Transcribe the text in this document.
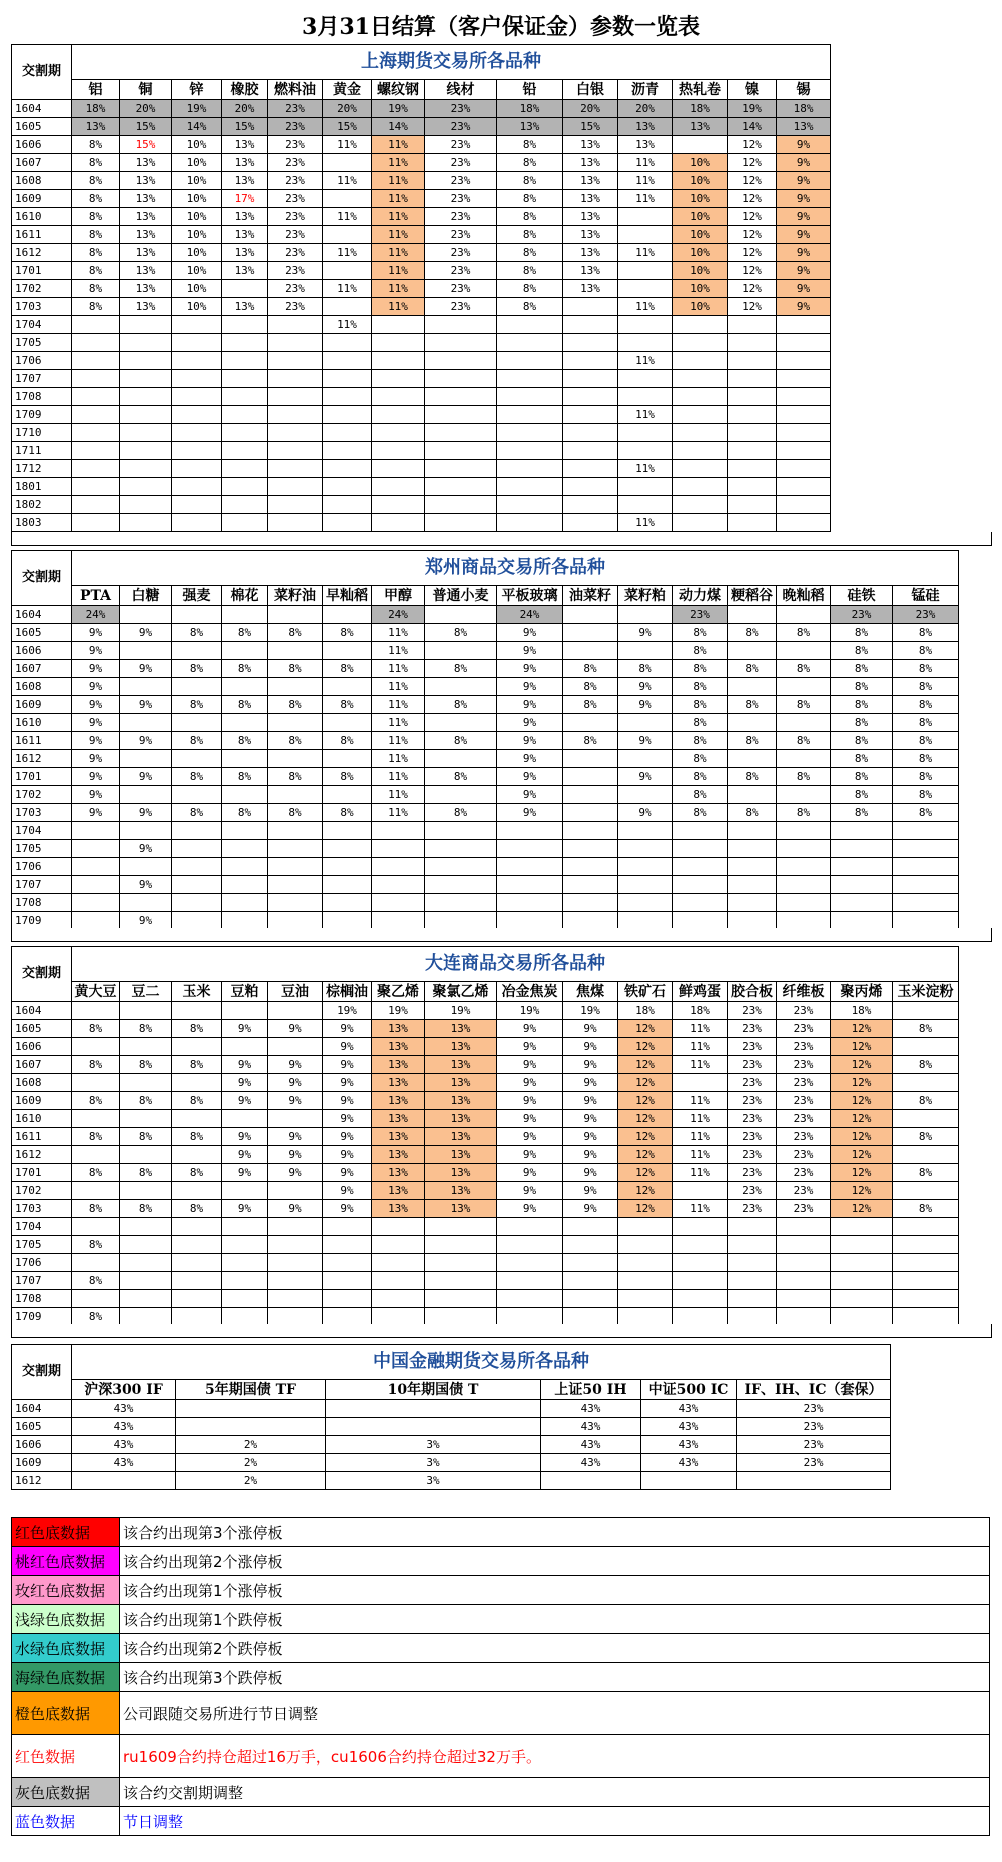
3月31日结算（客户保证金）参数一览表
交割期	上海期货交易所各品种													
	铝	铜	锌	橡胶	燃料油	黄金	螺纹钢	线材	铅	白银	沥青	热轧卷	镍	锡
1604	18%	20%	19%	20%	23%	20%	19%	23%	18%	20%	20%	18%	19%	18%
1605	13%	15%	14%	15%	23%	15%	14%	23%	13%	15%	13%	13%	14%	13%
1606	8%	15%	10%	13%	23%	11%	11%	23%	8%	13%	13%		12%	9%
1607	8%	13%	10%	13%	23%		11%	23%	8%	13%	11%	10%	12%	9%
1608	8%	13%	10%	13%	23%	11%	11%	23%	8%	13%	11%	10%	12%	9%
1609	8%	13%	10%	17%	23%		11%	23%	8%	13%	11%	10%	12%	9%
1610	8%	13%	10%	13%	23%	11%	11%	23%	8%	13%		10%	12%	9%
1611	8%	13%	10%	13%	23%		11%	23%	8%	13%		10%	12%	9%
1612	8%	13%	10%	13%	23%	11%	11%	23%	8%	13%	11%	10%	12%	9%
1701	8%	13%	10%	13%	23%		11%	23%	8%	13%		10%	12%	9%
1702	8%	13%	10%		23%	11%	11%	23%	8%	13%		10%	12%	9%
1703	8%	13%	10%	13%	23%		11%	23%	8%		11%	10%	12%	9%
1704						11%								
1705														
1706											11%			
1707														
1708														
1709											11%			
1710														
1711														
1712											11%			
1801														
1802														
1803											11%			
交割期	郑州商品交易所各品种															
	PTA	白糖	强麦	棉花	菜籽油	早籼稻	甲醇	普通小麦	平板玻璃	油菜籽	菜籽粕	动力煤	粳稻谷	晚籼稻	硅铁	锰硅
1604	24%						24%		24%			23%			23%	23%
1605	9%	9%	8%	8%	8%	8%	11%	8%	9%		9%	8%	8%	8%	8%	8%
1606	9%						11%		9%			8%			8%	8%
1607	9%	9%	8%	8%	8%	8%	11%	8%	9%	8%	8%	8%	8%	8%	8%	8%
1608	9%						11%		9%	8%	9%	8%			8%	8%
1609	9%	9%	8%	8%	8%	8%	11%	8%	9%	8%	9%	8%	8%	8%	8%	8%
1610	9%						11%		9%			8%			8%	8%
1611	9%	9%	8%	8%	8%	8%	11%	8%	9%	8%	9%	8%	8%	8%	8%	8%
1612	9%						11%		9%			8%			8%	8%
1701	9%	9%	8%	8%	8%	8%	11%	8%	9%		9%	8%	8%	8%	8%	8%
1702	9%						11%		9%			8%			8%	8%
1703	9%	9%	8%	8%	8%	8%	11%	8%	9%		9%	8%	8%	8%	8%	8%
1704																
1705		9%														
1706																
1707		9%														
1708																
1709		9%														
交割期	大连商品交易所各品种															
	黄大豆	豆二	玉米	豆粕	豆油	棕榈油	聚乙烯	聚氯乙烯	冶金焦炭	焦煤	铁矿石	鲜鸡蛋	胶合板	纤维板	聚丙烯	玉米淀粉
1604						19%	19%	19%	19%	19%	18%	18%	23%	23%	18%	
1605	8%	8%	8%	9%	9%	9%	13%	13%	9%	9%	12%	11%	23%	23%	12%	8%
1606						9%	13%	13%	9%	9%	12%	11%	23%	23%	12%	
1607	8%	8%	8%	9%	9%	9%	13%	13%	9%	9%	12%	11%	23%	23%	12%	8%
1608				9%	9%	9%	13%	13%	9%	9%	12%		23%	23%	12%	
1609	8%	8%	8%	9%	9%	9%	13%	13%	9%	9%	12%	11%	23%	23%	12%	8%
1610						9%	13%	13%	9%	9%	12%	11%	23%	23%	12%	
1611	8%	8%	8%	9%	9%	9%	13%	13%	9%	9%	12%	11%	23%	23%	12%	8%
1612				9%	9%	9%	13%	13%	9%	9%	12%	11%	23%	23%	12%	
1701	8%	8%	8%	9%	9%	9%	13%	13%	9%	9%	12%	11%	23%	23%	12%	8%
1702						9%	13%	13%	9%	9%	12%		23%	23%	12%	
1703	8%	8%	8%	9%	9%	9%	13%	13%	9%	9%	12%	11%	23%	23%	12%	8%
1704																
1705	8%															
1706																
1707	8%															
1708																
1709	8%															
交割期	中国金融期货交易所各品种					
	沪深300 IF	5年期国债 TF	10年期国债 T	上证50 IH	中证500 IC	IF、IH、IC（套保）
1604	43%			43%	43%	23%
1605	43%			43%	43%	23%
1606	43%	2%	3%	43%	43%	23%
1609	43%	2%	3%	43%	43%	23%
1612		2%	3%			
红色底数据	该合约出现第3个涨停板
桃红色底数据	该合约出现第2个涨停板
玫红色底数据	该合约出现第1个涨停板
浅绿色底数据	该合约出现第1个跌停板
水绿色底数据	该合约出现第2个跌停板
海绿色底数据	该合约出现第3个跌停板
橙色底数据	公司跟随交易所进行节日调整
红色数据	ru1609合约持仓超过16万手，cu1606合约持仓超过32万手。
灰色底数据	该合约交割期调整
蓝色数据	节日调整
